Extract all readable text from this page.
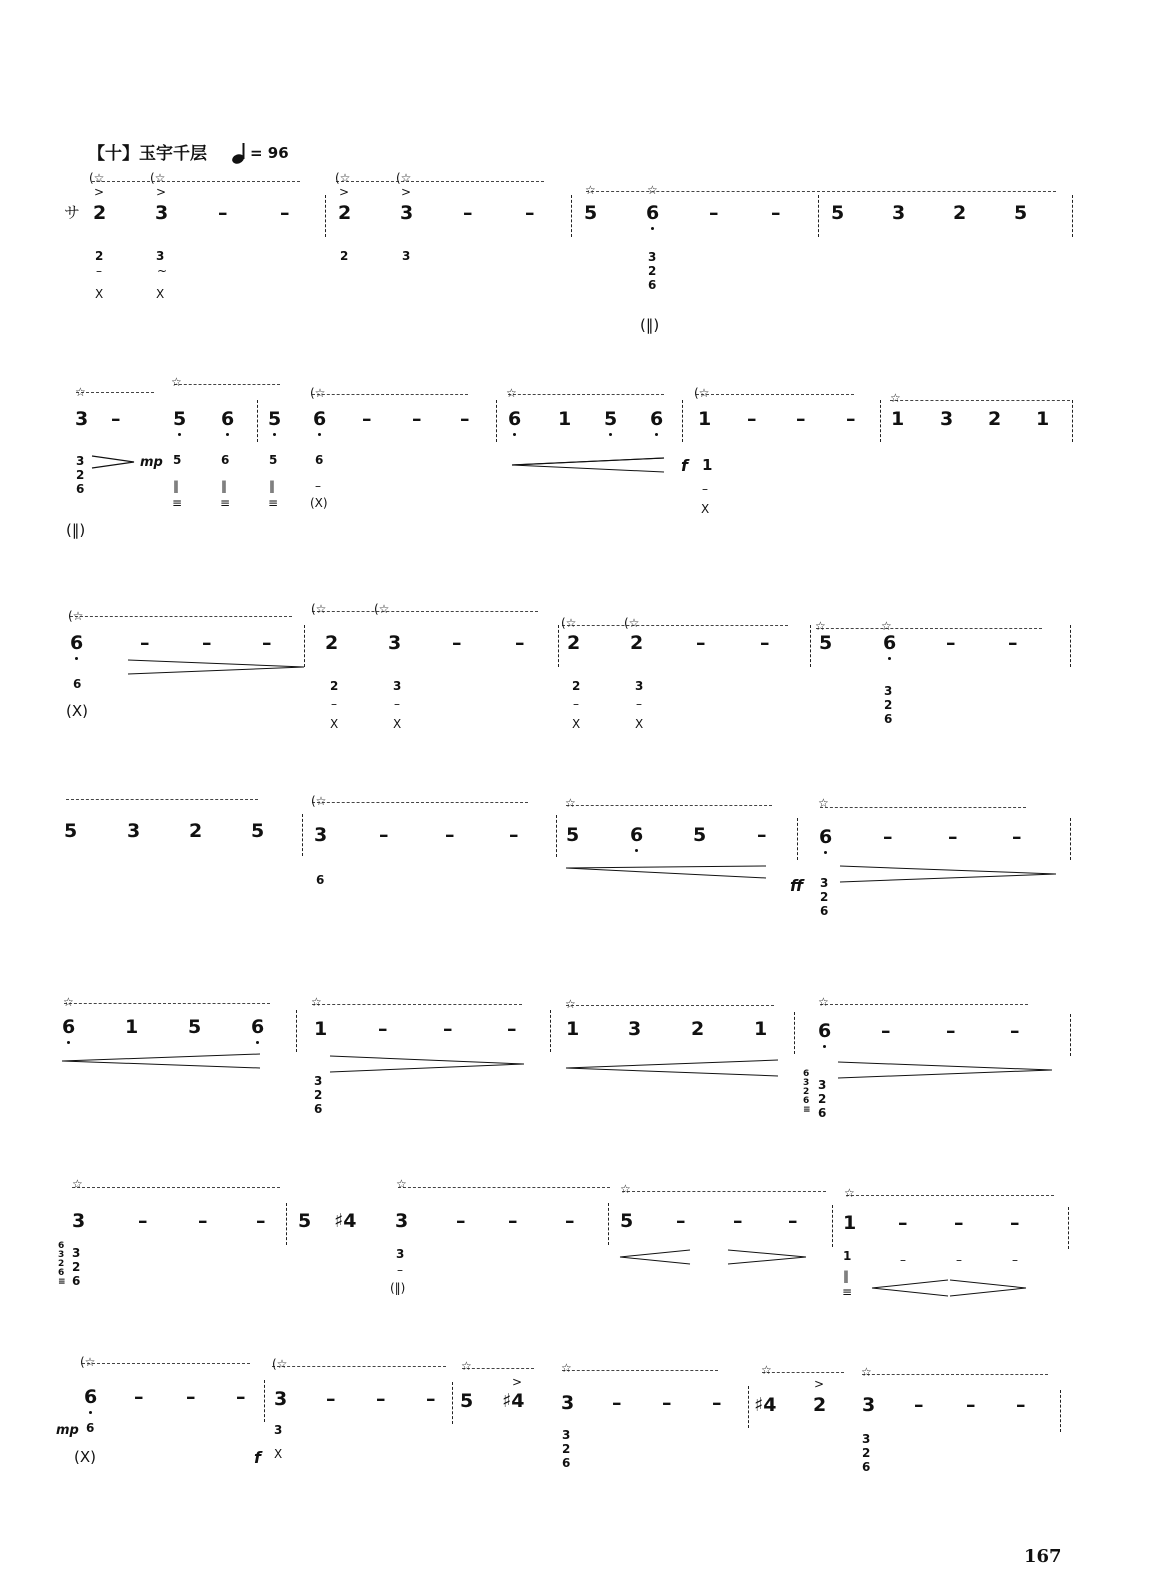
【十】玉宇千层	= 96
サ
(☆	(☆	(☆	(☆
☆	☆
>	>	>	>
2	3	–	–	2	3	–	–	5	6	–	–	5	3	2	5
2
–
X
3
~
X
2	3	3
2
6
(‖)
☆
☆
(☆	☆	(☆	☆
3 –	5 6 5 6 – – – 6 1 5 6 1 – – – 1 3 2 1
3
2
6
(‖)
mp 5	6	5	6
‖	‖	‖	–
≡	≡	≡	(X)
f 1
–
X
(☆	(☆	(☆
(☆	(☆	☆	☆
6	–	–	–	2	3	–	– 2	2	–	–	5	6	–	–
6
(X)
2
–
X
3
–
X
2
–
X
3
–
X
3
2
6
(☆	☆	☆
5	3	2	5	3	–	–	–	5	6	5	–	6	–	–	–
6	ff 3
2
6
☆	☆	☆	☆
6	1	5	6	1	–	–	–	1	3	2	1	6	–	–	–
3
2
6
6
3
2
6
≡
3
2
6
☆	☆	☆	☆
3	–	–	– 5 ♯4 3	– –	– 5 –	– – 1 – – –
6
3
2
6
≡
3
2
6
3
–
(‖)
1	–	–	–
‖
≡
(☆	(☆	☆	☆	☆	☆
>	>
6 – – – 3 – – – 5 ♯4 3 – – – ♯4 2 3 – – –
mp 6
(X)	f
3
X
3
2
6
3
2
6
167
